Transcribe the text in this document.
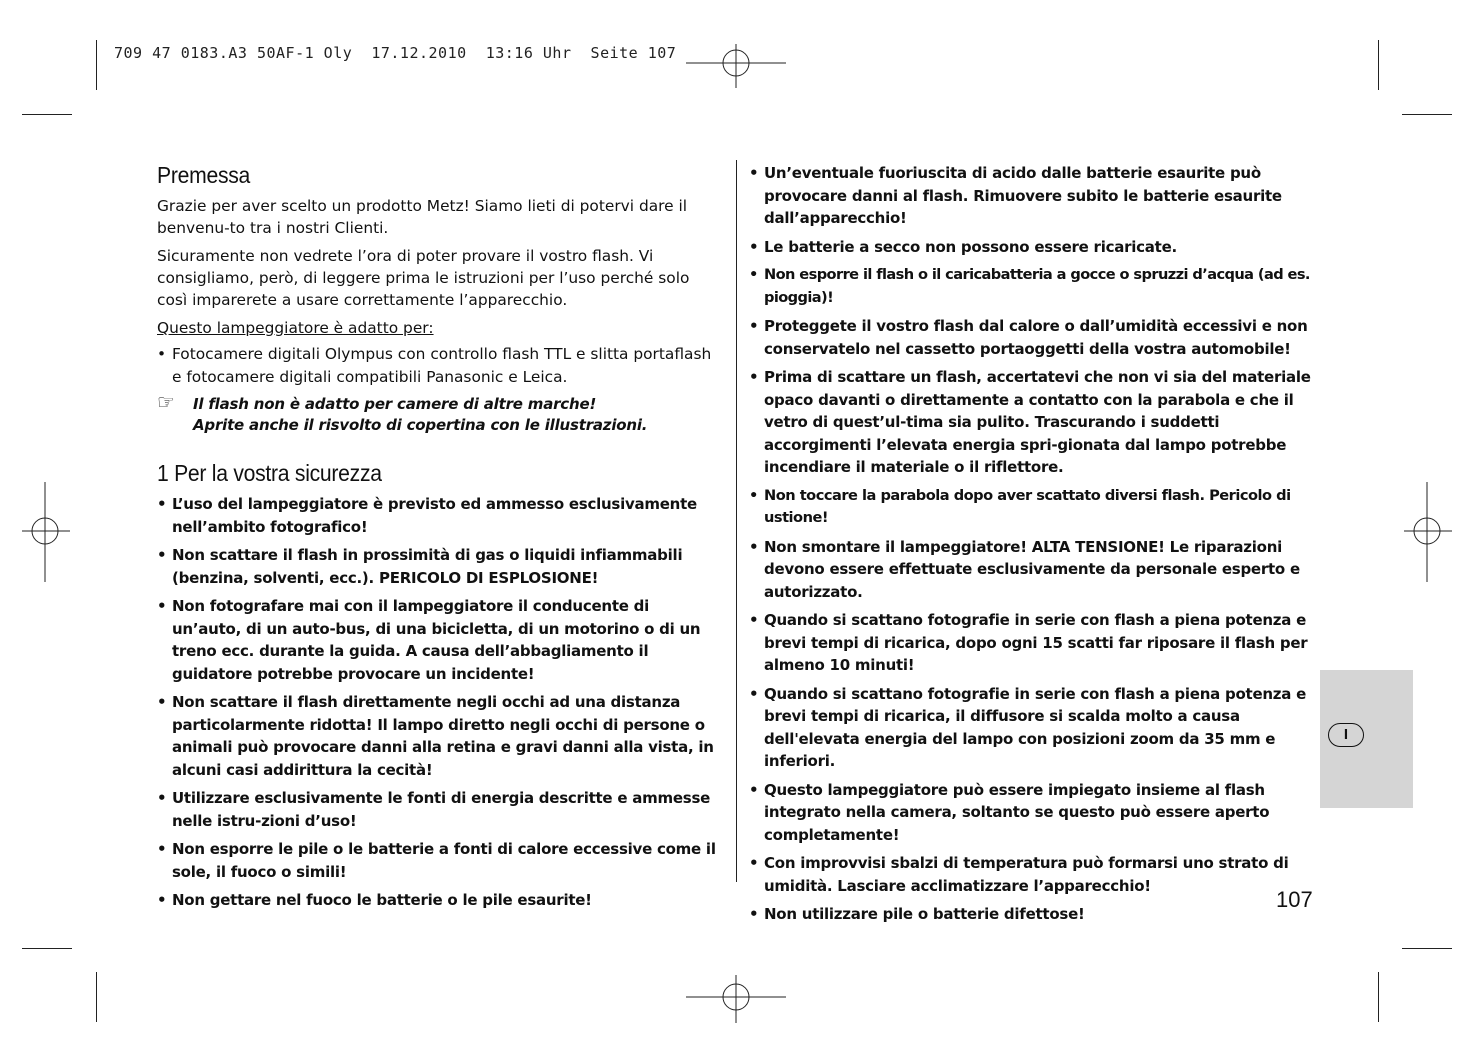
709 47 0183.A3 50AF-1 Oly  17.12.2010  13:16 Uhr  Seite 107
Premessa

Grazie per aver scelto un prodotto Metz! Siamo lieti di potervi dare il benvenu-to tra i nostri Clienti.

Sicuramente non vedrete l’ora di poter provare il vostro flash. Vi consigliamo, però, di leggere prima le istruzioni per l’uso perché solo così imparerete a usare correttamente l’apparecchio.

Questo lampeggiatore è adatto per:

• Fotocamere digitali Olympus con controllo flash TTL e slitta portaflash e fotocamere digitali compatibili Panasonic e Leica.
☞ Il flash non è adatto per camere di altre marche!
Aprite anche il risvolto di copertina con le illustrazioni.
1 Per la vostra sicurezza
• L’uso del lampeggiatore è previsto ed ammesso esclusivamente nell’ambito fotografico!
• Non scattare il flash in prossimità di gas o liquidi infiammabili (benzina, solventi, ecc.). PERICOLO DI ESPLOSIONE!
• Non fotografare mai con il lampeggiatore il conducente di un’auto, di un auto-bus, di una bicicletta, di un motorino o di un treno ecc. durante la guida. A causa dell’abbagliamento il guidatore potrebbe provocare un incidente!
• Non scattare il flash direttamente negli occhi ad una distanza particolarmente ridotta! Il lampo diretto negli occhi di persone o animali può provocare danni alla retina e gravi danni alla vista, in alcuni casi addirittura la cecità!
• Utilizzare esclusivamente le fonti di energia descritte e ammesse nelle istru-zioni d’uso!
• Non esporre le pile o le batterie a fonti di calore eccessive come il sole, il fuoco o simili!
• Non gettare nel fuoco le batterie o le pile esaurite!
• Un’eventuale fuoriuscita di acido dalle batterie esaurite può provocare danni al flash. Rimuovere subito le batterie esaurite dall’apparecchio!
• Le batterie a secco non possono essere ricaricate.
• Non esporre il flash o il caricabatteria a gocce o spruzzi d’acqua (ad es. pioggia)!
• Proteggete il vostro flash dal calore o dall’umidità eccessivi e non conservatelo nel cassetto portaoggetti della vostra automobile!
• Prima di scattare un flash, accertatevi che non vi sia del materiale opaco davanti o direttamente a contatto con la parabola e che il vetro di quest’ul-tima sia pulito. Trascurando i suddetti accorgimenti l’elevata energia spri-gionata dal lampo potrebbe incendiare il materiale o il riflettore.
• Non toccare la parabola dopo aver scattato diversi flash. Pericolo di ustione!
• Non smontare il lampeggiatore! ALTA TENSIONE! Le riparazioni devono essere effettuate esclusivamente da personale esperto e autorizzato.
• Quando si scattano fotografie in serie con flash a piena potenza e brevi tempi di ricarica, dopo ogni 15 scatti far riposare il flash per almeno 10 minuti!
• Quando si scattano fotografie in serie con flash a piena potenza e brevi tempi di ricarica, il diffusore si scalda molto a causa dell'elevata energia del lampo con posizioni zoom da 35 mm e inferiori.
• Questo lampeggiatore può essere impiegato insieme al flash integrato nella camera, soltanto se questo può essere aperto completamente!
• Con improvvisi sbalzi di temperatura può formarsi uno strato di umidità. Lasciare acclimatizzare l’apparecchio!
• Non utilizzare pile o batterie difettose!
I
107
